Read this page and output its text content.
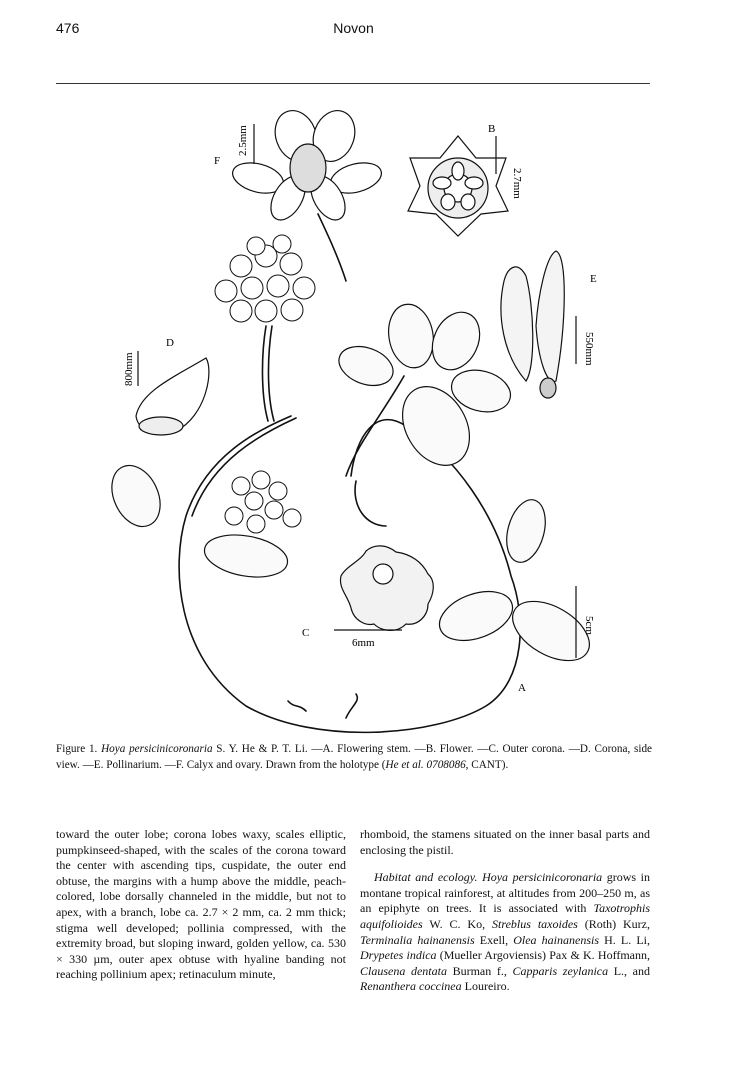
476	Novon
2.5mm
2.7mm
550mm
800mm
6mm
5cm
F
B
E
D
C
A
Figure 1. Hoya persicinicoronaria S. Y. He & P. T. Li. —A. Flowering stem. —B. Flower. —C. Outer corona. —D. Corona, side view. —E. Pollinarium. —F. Calyx and ovary. Drawn from the holotype (He et al. 0708086, CANT).

toward the outer lobe; corona lobes waxy, scales elliptic, pumpkinseed-shaped, with the scales of the corona toward the center with ascending tips, cuspidate, the outer end obtuse, the margins with a hump above the middle, peach-colored, lobe dorsally channeled in the middle, but not to apex, with a branch, lobe ca. 2.7 × 2 mm, ca. 2 mm thick; stigma well developed; pollinia compressed, with the extremity broad, but sloping inward, golden yellow, ca. 530 × 330 µm, outer apex obtuse with hyaline banding not reaching pollinium apex; retinaculum minute,

rhomboid, the stamens situated on the inner basal parts and enclosing the pistil.

Habitat and ecology. Hoya persicinicoronaria grows in montane tropical rainforest, at altitudes from 200–250 m, as an epiphyte on trees. It is associated with Taxotrophis aquifolioides W. C. Ko, Streblus taxoides (Roth) Kurz, Terminalia hainanensis Exell, Olea hainanensis H. L. Li, Drypetes indica (Mueller Argoviensis) Pax & K. Hoffmann, Clausena dentata Burman f., Capparis zeylanica L., and Renanthera coccinea Loureiro.
